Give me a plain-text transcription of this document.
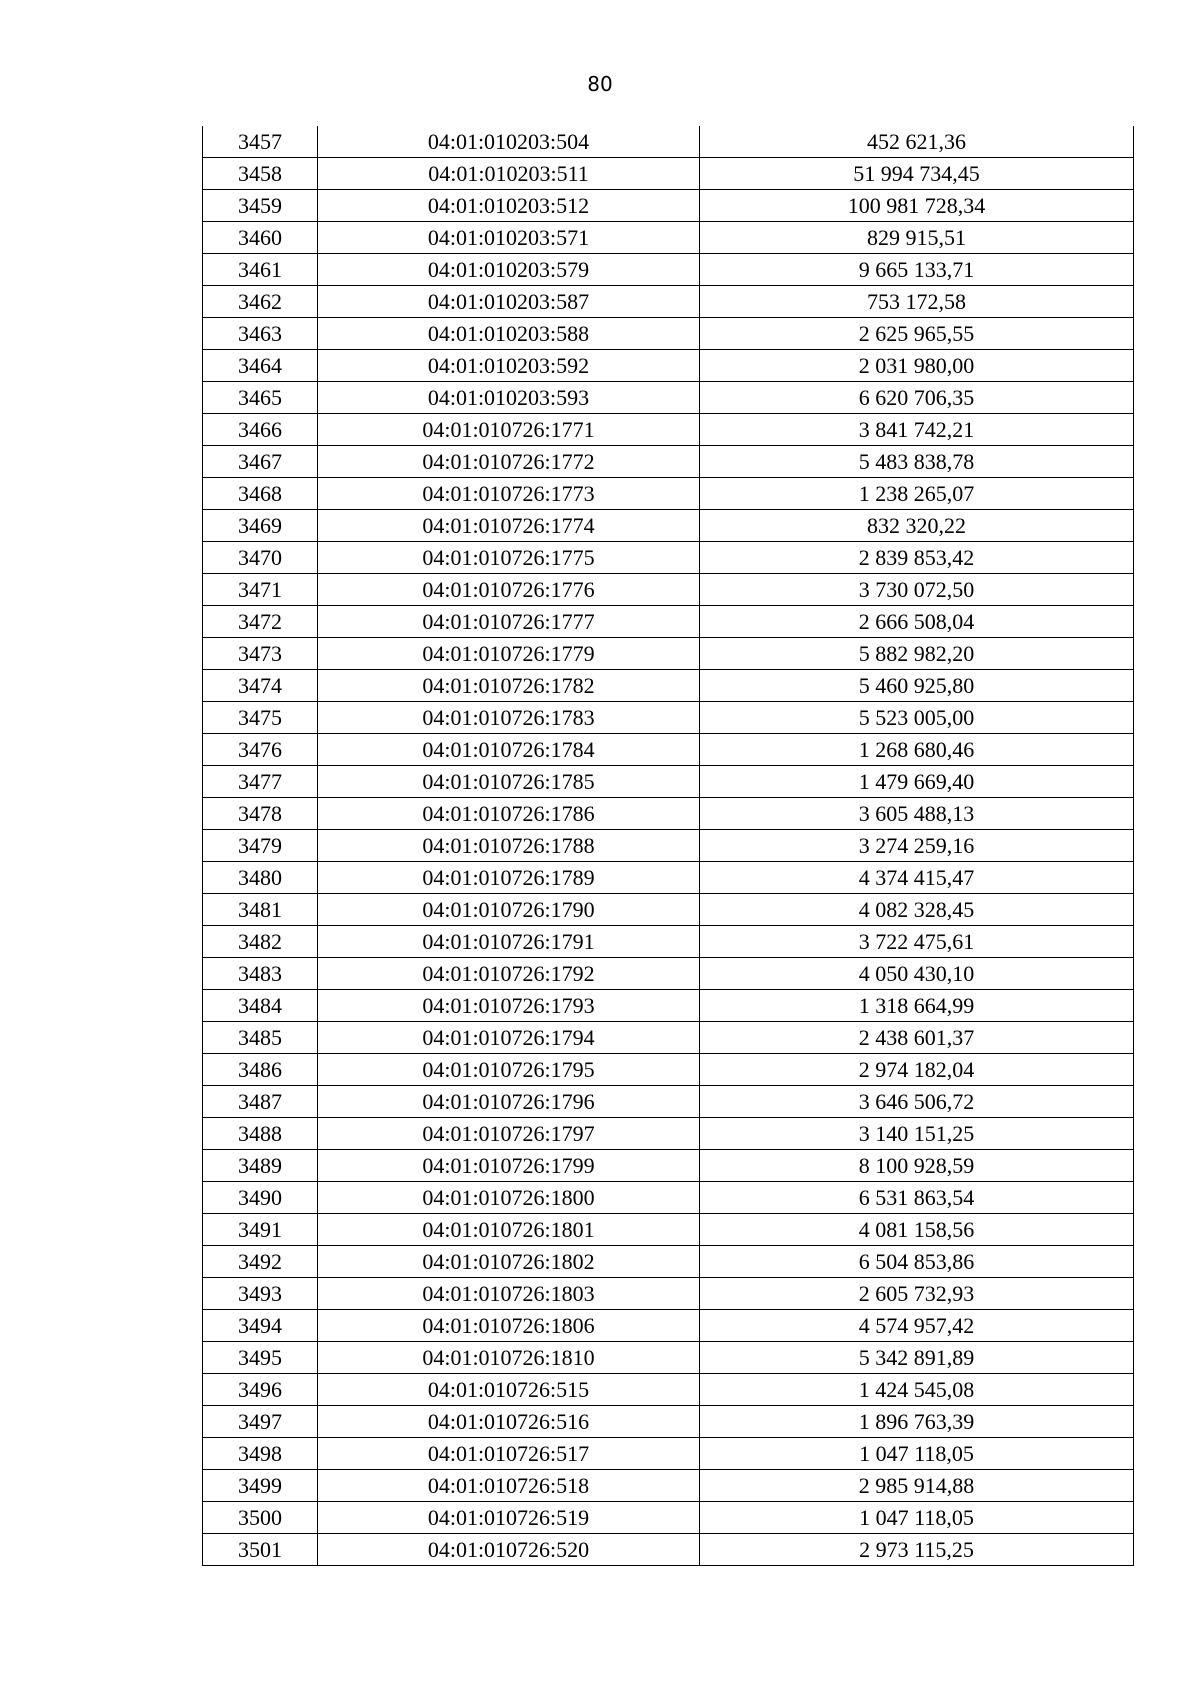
80
3457	04:01:010203:504	452 621,36
3458	04:01:010203:511	51 994 734,45
3459	04:01:010203:512	100 981 728,34
3460	04:01:010203:571	829 915,51
3461	04:01:010203:579	9 665 133,71
3462	04:01:010203:587	753 172,58
3463	04:01:010203:588	2 625 965,55
3464	04:01:010203:592	2 031 980,00
3465	04:01:010203:593	6 620 706,35
3466	04:01:010726:1771	3 841 742,21
3467	04:01:010726:1772	5 483 838,78
3468	04:01:010726:1773	1 238 265,07
3469	04:01:010726:1774	832 320,22
3470	04:01:010726:1775	2 839 853,42
3471	04:01:010726:1776	3 730 072,50
3472	04:01:010726:1777	2 666 508,04
3473	04:01:010726:1779	5 882 982,20
3474	04:01:010726:1782	5 460 925,80
3475	04:01:010726:1783	5 523 005,00
3476	04:01:010726:1784	1 268 680,46
3477	04:01:010726:1785	1 479 669,40
3478	04:01:010726:1786	3 605 488,13
3479	04:01:010726:1788	3 274 259,16
3480	04:01:010726:1789	4 374 415,47
3481	04:01:010726:1790	4 082 328,45
3482	04:01:010726:1791	3 722 475,61
3483	04:01:010726:1792	4 050 430,10
3484	04:01:010726:1793	1 318 664,99
3485	04:01:010726:1794	2 438 601,37
3486	04:01:010726:1795	2 974 182,04
3487	04:01:010726:1796	3 646 506,72
3488	04:01:010726:1797	3 140 151,25
3489	04:01:010726:1799	8 100 928,59
3490	04:01:010726:1800	6 531 863,54
3491	04:01:010726:1801	4 081 158,56
3492	04:01:010726:1802	6 504 853,86
3493	04:01:010726:1803	2 605 732,93
3494	04:01:010726:1806	4 574 957,42
3495	04:01:010726:1810	5 342 891,89
3496	04:01:010726:515	1 424 545,08
3497	04:01:010726:516	1 896 763,39
3498	04:01:010726:517	1 047 118,05
3499	04:01:010726:518	2 985 914,88
3500	04:01:010726:519	1 047 118,05
3501	04:01:010726:520	2 973 115,25
